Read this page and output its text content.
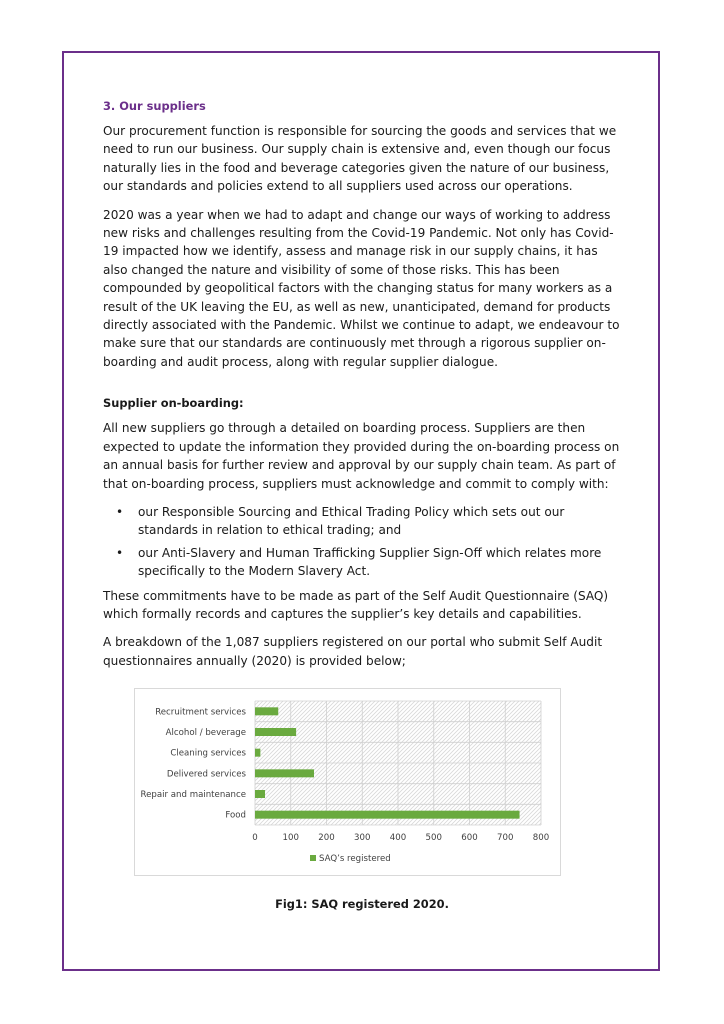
3. Our suppliers

Our procurement function is responsible for sourcing the goods and services that we need to run our business. Our supply chain is extensive and, even though our focus naturally lies in the food and beverage categories given the nature of our business, our standards and policies extend to all suppliers used across our operations.

2020 was a year when we had to adapt and change our ways of working to address new risks and challenges resulting from the Covid-19 Pandemic. Not only has Covid-19 impacted how we identify, assess and manage risk in our supply chains, it has also changed the nature and visibility of some of those risks. This has been compounded by geopolitical factors with the changing status for many workers as a result of the UK leaving the EU, as well as new, unanticipated, demand for products directly associated with the Pandemic. Whilst we continue to adapt, we endeavour to make sure that our standards are continuously met through a rigorous supplier on-boarding and audit process, along with regular supplier dialogue.

Supplier on-boarding:

All new suppliers go through a detailed on boarding process. Suppliers are then expected to update the information they provided during the on-boarding process on an annual basis for further review and approval by our supply chain team. As part of that on-boarding process, suppliers must acknowledge and commit to comply with:

• our Responsible Sourcing and Ethical Trading Policy which sets out our standards in relation to ethical trading; and
• our Anti-Slavery and Human Trafficking Supplier Sign-Off which relates more specifically to the Modern Slavery Act.

These commitments have to be made as part of the Self Audit Questionnaire (SAQ) which formally records and captures the supplier’s key details and capabilities.

A breakdown of the 1,087 suppliers registered on our portal who submit Self Audit questionnaires annually (2020) is provided below;

Recruitment services
Alcohol / beverage
Cleaning services
Delivered services
Repair and maintenance
Food
0	100 200 300 400 500 600 700 800
SAQ’s registered
Fig1: SAQ registered 2020.
